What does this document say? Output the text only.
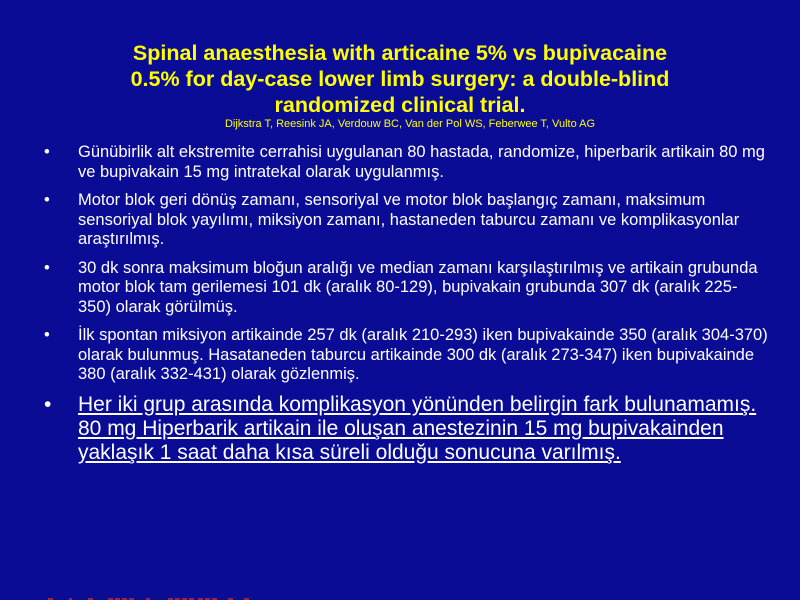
Spinal anaesthesia with articaine 5% vs bupivacaine
0.5% for day-case lower limb surgery: a double-blind
randomized clinical trial.
Dijkstra T, Reesink JA, Verdouw BC, Van der Pol WS, Feberwee T, Vulto AG
• Günübirlik alt ekstremite cerrahisi uygulanan 80 hastada, randomize, hiperbarik artikain 80 mg ve bupivakain 15 mg intratekal olarak uygulanmış.
• Motor blok geri dönüş zamanı, sensoriyal ve motor blok başlangıç zamanı, maksimum sensoriyal blok yayılımı, miksiyon zamanı, hastaneden taburcu zamanı ve komplikasyonlar araştırılmış.
• 30 dk sonra maksimum bloğun aralığı ve median zamanı karşılaştırılmış ve artikain grubunda motor blok tam gerilemesi 101 dk (aralık 80-129), bupivakain grubunda 307 dk (aralık 225-350) olarak görülmüş.
• İlk spontan miksiyon artikainde 257 dk (aralık 210-293) iken bupivakainde 350 (aralık 304-370) olarak bulunmuş. Hasataneden taburcu artikainde 300 dk (aralık 273-347) iken bupivakainde 380 (aralık 332-431) olarak gözlenmiş.
• Her iki grup arasında komplikasyon yönünden belirgin fark bulunamamış. 80 mg Hiperbarik artikain ile oluşan anestezinin 15 mg bupivakainden yaklaşık 1 saat daha kısa süreli olduğu sonucuna varılmış.
